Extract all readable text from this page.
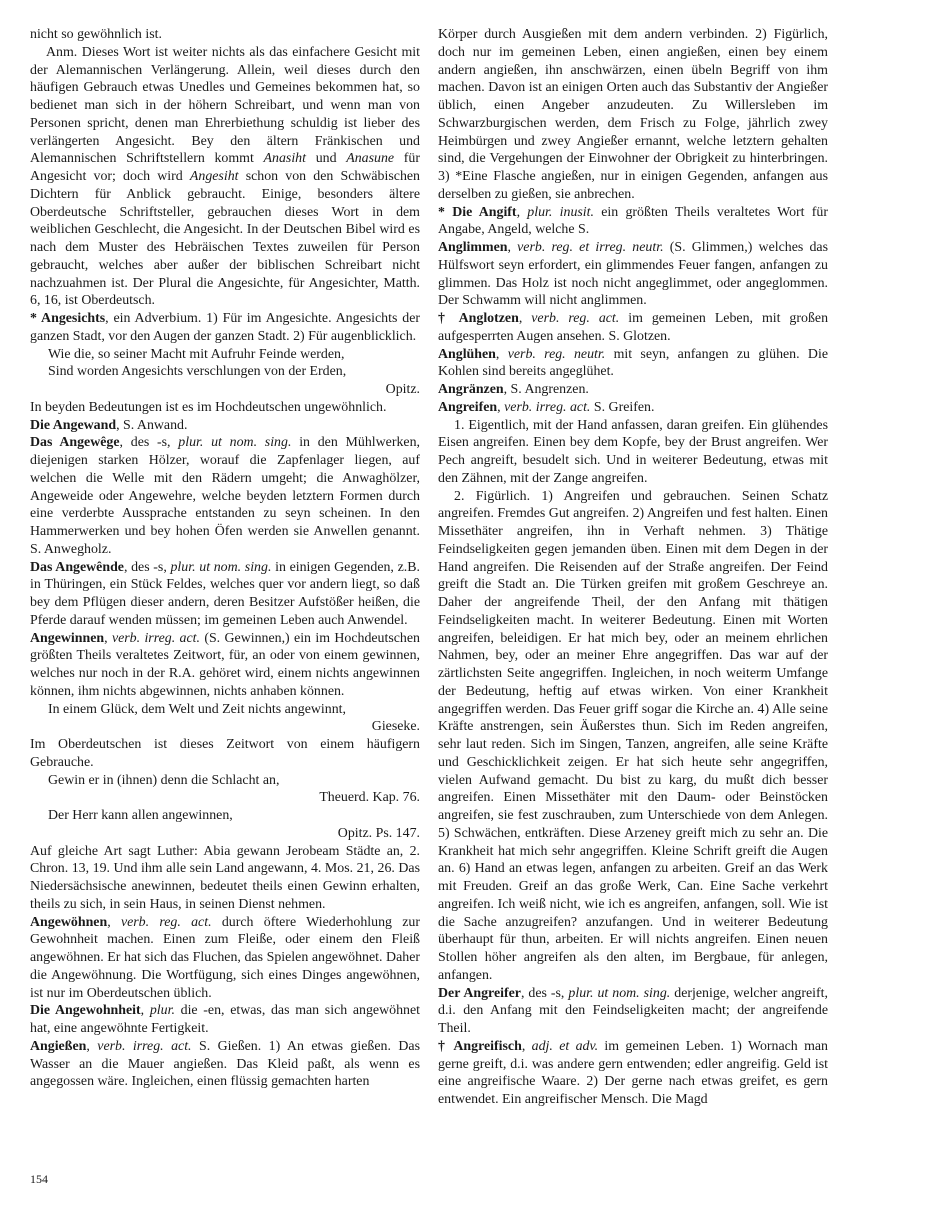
nicht so gewöhnlich ist.

Anm. Dieses Wort ist weiter nichts als das einfachere Gesicht mit der Alemannischen Verlängerung. Allein, weil dieses durch den häufigen Gebrauch etwas Unedles und Gemeines bekommen hat, so bedienet man sich in der höhern Schreibart, und wenn man von Personen spricht, denen man Ehrerbiethung schuldig ist lieber des verlängerten Angesicht. Bey den ältern Fränkischen und Alemannischen Schriftstellern kommt Anasiht und Anasune für Angesicht vor; doch wird Angesiht schon von den Schwäbischen Dichtern für Anblick gebraucht. Einige, besonders ältere Oberdeutsche Schriftsteller, gebrauchen dieses Wort in dem weiblichen Geschlecht, die Angesicht. In der Deutschen Bibel wird es nach dem Muster des Hebräischen Textes zuweilen für Person gebraucht, welches aber außer der biblischen Schreibart nicht nachzuahmen ist. Der Plural die Angesichte, für Angesichter, Matth. 6, 16, ist Oberdeutsch.

* Angesichts, ein Adverbium. 1) Für im Angesichte. Angesichts der ganzen Stadt, vor den Augen der ganzen Stadt. 2) Für augenblicklich.

Wie die, so seiner Macht mit Aufruhr Feinde werden,

Sind worden Angesichts verschlungen von der Erden,

Opitz.

In beyden Bedeutungen ist es im Hochdeutschen ungewöhnlich.

Die Angewand, S. Anwand.

Das Angewêge, des -s, plur. ut nom. sing. in den Mühlwerken, diejenigen starken Hölzer, worauf die Zapfenlager liegen, auf welchen die Welle mit den Rädern umgeht; die Anwaghölzer, Angeweide oder Angewehre, welche beyden letztern Formen durch eine verderbte Aussprache entstanden zu seyn scheinen. In den Hammerwerken und bey hohen Öfen werden sie Anwellen genannt. S. Anwegholz.

Das Angewênde, des -s, plur. ut nom. sing. in einigen Gegenden, z.B. in Thüringen, ein Stück Feldes, welches quer vor andern liegt, so daß bey dem Pflügen dieser andern, deren Besitzer Aufstößer heißen, die Pferde darauf wenden müssen; im gemeinen Leben auch Anwendel.

Angewinnen, verb. irreg. act. (S. Gewinnen,) ein im Hochdeutschen größten Theils veraltetes Zeitwort, für, an oder von einem gewinnen, welches nur noch in der R.A. gehöret wird, einem nichts angewinnen können, ihm nichts abgewinnen, nichts anhaben können.

In einem Glück, dem Welt und Zeit nichts angewinnt,

Gieseke.

Im Oberdeutschen ist dieses Zeitwort von einem häufigern Gebrauche.

Gewin er in (ihnen) denn die Schlacht an,

Theuerd. Kap. 76.

Der Herr kann allen angewinnen,

Opitz. Ps. 147.

Auf gleiche Art sagt Luther: Abia gewann Jerobeam Städte an, 2. Chron. 13, 19. Und ihm alle sein Land angewann, 4. Mos. 21, 26. Das Niedersächsische anewinnen, bedeutet theils einen Gewinn erhalten, theils zu sich, in sein Haus, in seinen Dienst nehmen.

Angewöhnen, verb. reg. act. durch öftere Wiederhohlung zur Gewohnheit machen. Einen zum Fleiße, oder einem den Fleiß angewöhnen. Er hat sich das Fluchen, das Spielen angewöhnet. Daher die Angewöhnung. Die Wortfügung, sich eines Dinges angewöhnen, ist nur im Oberdeutschen üblich.

Die Angewohnheit, plur. die -en, etwas, das man sich angewöhnet hat, eine angewöhnte Fertigkeit.

Angießen, verb. irreg. act. S. Gießen. 1) An etwas gießen. Das Wasser an die Mauer angießen. Das Kleid paßt, als wenn es angegossen wäre. Ingleichen, einen flüssig gemachten harten

Körper durch Ausgießen mit dem andern verbinden. 2) Figürlich, doch nur im gemeinen Leben, einen angießen, einen bey einem andern angießen, ihn anschwärzen, einen übeln Begriff von ihm machen. Davon ist an einigen Orten auch das Substantiv der Angießer üblich, einen Angeber anzudeuten. Zu Willersleben im Schwarzburgischen werden, dem Frisch zu Folge, jährlich zwey Heimbürgen und zwey Angießer ernannt, welche letztern gehalten sind, die Vergehungen der Einwohner der Obrigkeit zu hinterbringen. 3) *Eine Flasche angießen, nur in einigen Gegenden, anfangen aus derselben zu gießen, sie anbrechen.

* Die Angift, plur. inusit. ein größten Theils veraltetes Wort für Angabe, Angeld, welche S.

Anglimmen, verb. reg. et irreg. neutr. (S. Glimmen,) welches das Hülfswort seyn erfordert, ein glimmendes Feuer fangen, anfangen zu glimmen. Das Holz ist noch nicht angeglimmet, oder angeglommen. Der Schwamm will nicht anglimmen.

† Anglotzen, verb. reg. act. im gemeinen Leben, mit großen aufgesperrten Augen ansehen. S. Glotzen.

Anglühen, verb. reg. neutr. mit seyn, anfangen zu glühen. Die Kohlen sind bereits angeglühet.

Angränzen, S. Angrenzen.

Angreifen, verb. irreg. act. S. Greifen.

1. Eigentlich, mit der Hand anfassen, daran greifen. Ein glühendes Eisen angreifen. Einen bey dem Kopfe, bey der Brust angreifen. Wer Pech angreift, besudelt sich. Und in weiterer Bedeutung, etwas mit den Zähnen, mit der Zange angreifen.

2. Figürlich. 1) Angreifen und gebrauchen. Seinen Schatz angreifen. Fremdes Gut angreifen. 2) Angreifen und fest halten. Einen Missethäter angreifen, ihn in Verhaft nehmen. 3) Thätige Feindseligkeiten gegen jemanden üben. Einen mit dem Degen in der Hand angreifen. Die Reisenden auf der Straße angreifen. Der Feind greift die Stadt an. Die Türken greifen mit großem Geschreye an. Daher der angreifende Theil, der den Anfang mit thätigen Feindseligkeiten macht. In weiterer Bedeutung. Einen mit Worten angreifen, beleidigen. Er hat mich bey, oder an meinem ehrlichen Nahmen, bey, oder an meiner Ehre angegriffen. Das war auf der zärtlichsten Seite angegriffen. Ingleichen, in noch weiterm Umfange der Bedeutung, heftig auf etwas wirken. Von einer Krankheit angegriffen werden. Das Feuer griff sogar die Kirche an. 4) Alle seine Kräfte anstrengen, sein Äußerstes thun. Sich im Reden angreifen, sehr laut reden. Sich im Singen, Tanzen, angreifen, alle seine Kräfte und Geschicklichkeit zeigen. Er hat sich heute sehr angegriffen, vielen Aufwand gemacht. Du bist zu karg, du mußt dich besser angreifen. Einen Missethäter mit den Daum- oder Beinstöcken angreifen, sie fest zuschrauben, zum Unterschiede von dem Anlegen. 5) Schwächen, entkräften. Diese Arzeney greift mich zu sehr an. Die Krankheit hat mich sehr angegriffen. Kleine Schrift greift die Augen an. 6) Hand an etwas legen, anfangen zu arbeiten. Greif an das Werk mit Freuden. Greif an das große Werk, Can. Eine Sache verkehrt angreifen. Ich weiß nicht, wie ich es angreifen, anfangen, soll. Wie ist die Sache anzugreifen? anzufangen. Und in weiterer Bedeutung überhaupt für thun, arbeiten. Er will nichts angreifen. Einen neuen Stollen höher angreifen als den alten, im Bergbaue, für anlegen, anfangen.

Der Angreifer, des -s, plur. ut nom. sing. derjenige, welcher angreift, d.i. den Anfang mit den Feindseligkeiten macht; der angreifende Theil.

† Angreifisch, adj. et adv. im gemeinen Leben. 1) Wornach man gerne greift, d.i. was andere gern entwenden; edler angreifig. Geld ist eine angreifische Waare. 2) Der gerne nach etwas greifet, es gern entwendet. Ein angreifischer Mensch. Die Magd

154
